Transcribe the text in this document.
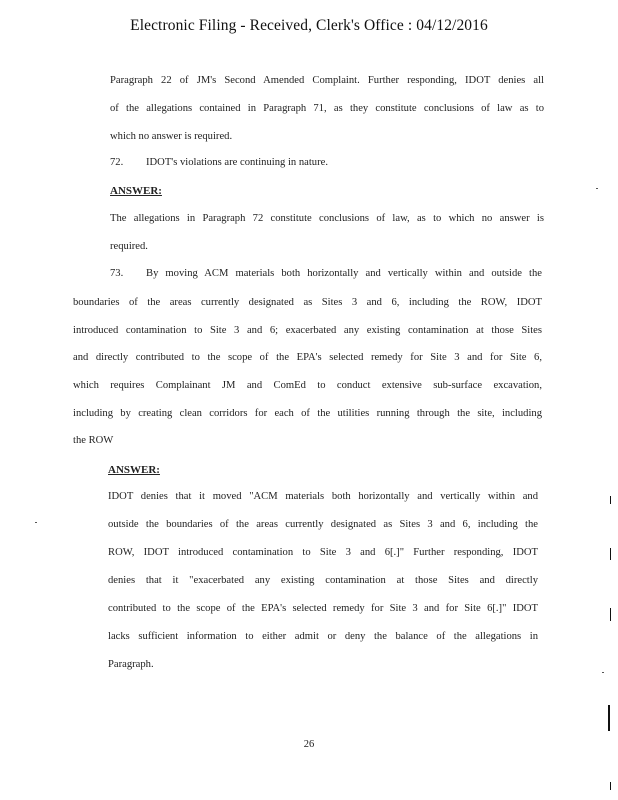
Electronic Filing - Received, Clerk's Office : 04/12/2016
Paragraph 22 of JM's Second Amended Complaint. Further responding, IDOT denies all
of the allegations contained in Paragraph 71, as they constitute conclusions of law as to
which no answer is required.
72. IDOT's violations are continuing in nature.
ANSWER:
The allegations in Paragraph 72 constitute conclusions of law, as to which no answer is
required.
73. By moving ACM materials both horizontally and vertically within and outside the
boundaries of the areas currently designated as Sites 3 and 6, including the ROW, IDOT
introduced contamination to Site 3 and 6; exacerbated any existing contamination at those Sites
and directly contributed to the scope of the EPA's selected remedy for Site 3 and for Site 6,
which requires Complainant JM and ComEd to conduct extensive sub-surface excavation,
including by creating clean corridors for each of the utilities running through the site, including
the ROW
ANSWER:
IDOT denies that it moved "ACM materials both horizontally and vertically within and
outside the boundaries of the areas currently designated as Sites 3 and 6, including the
ROW, IDOT introduced contamination to Site 3 and 6[.]" Further responding, IDOT
denies that it "exacerbated any existing contamination at those Sites and directly
contributed to the scope of the EPA's selected remedy for Site 3 and for Site 6[.]" IDOT
lacks sufficient information to either admit or deny the balance of the allegations in
Paragraph.
26
